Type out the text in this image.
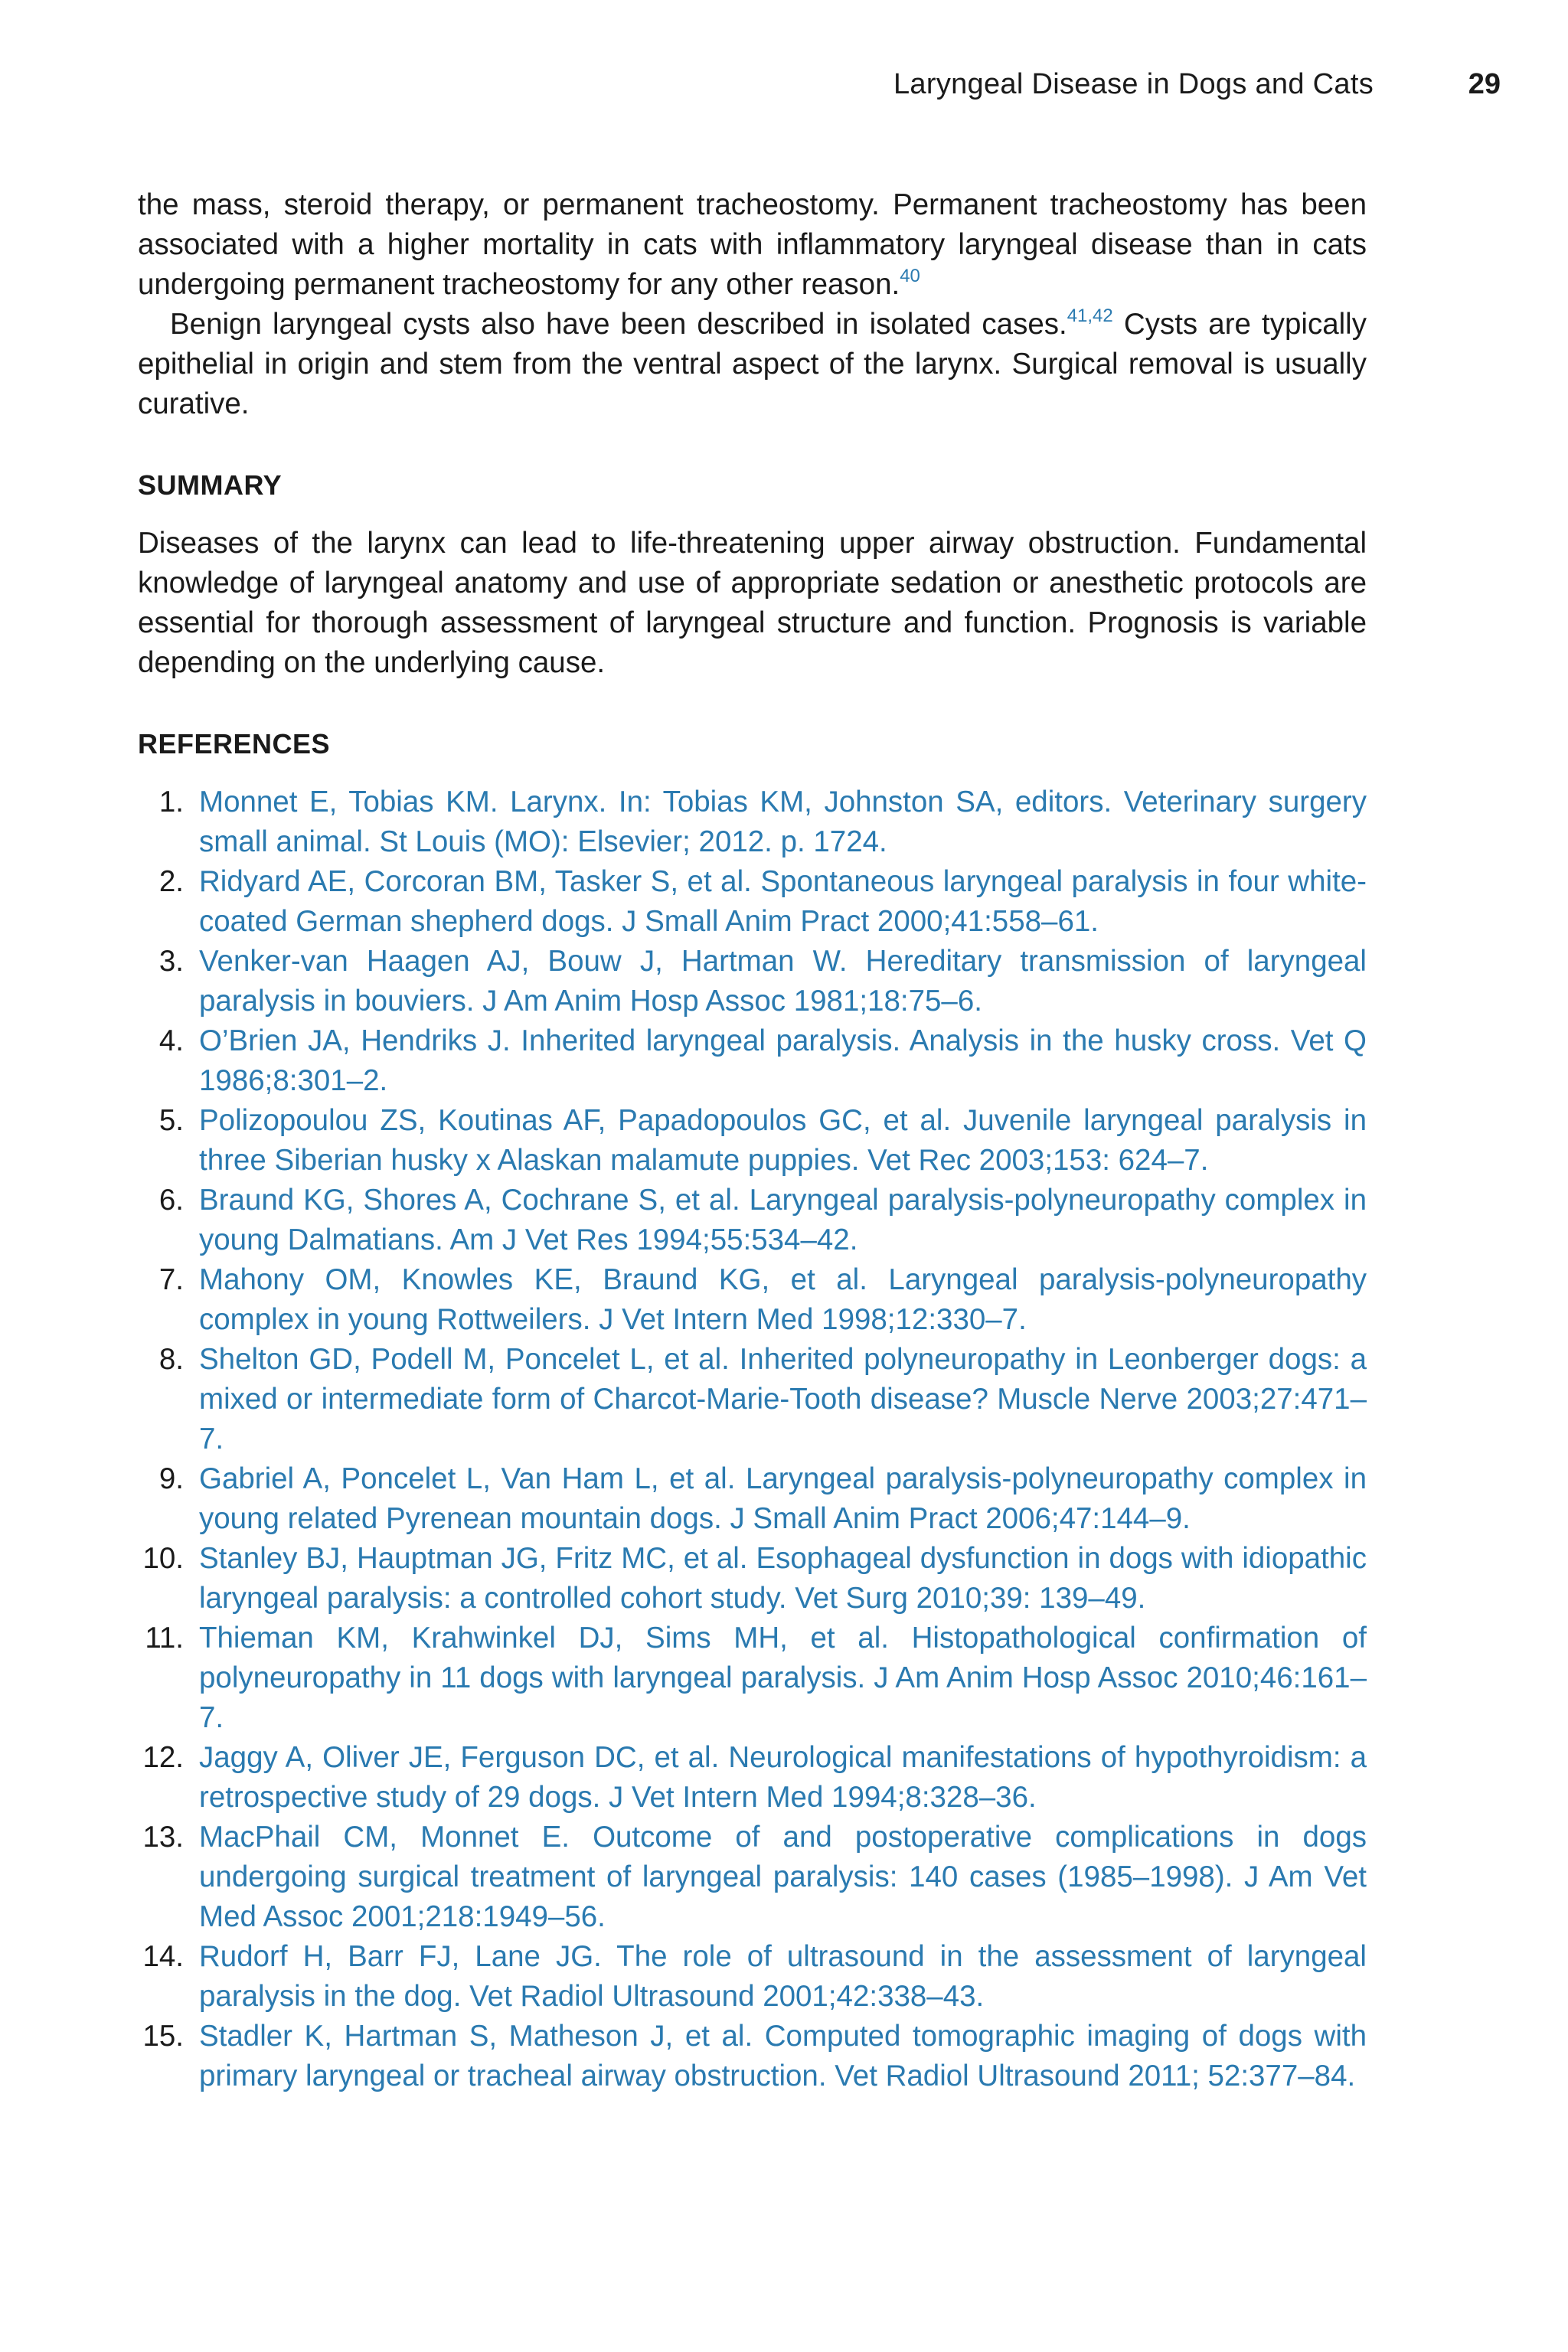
Laryngeal Disease in Dogs and Cats	29

the mass, steroid therapy, or permanent tracheostomy. Permanent tracheostomy has been associated with a higher mortality in cats with inflammatory laryngeal disease than in cats undergoing permanent tracheostomy for any other reason.$^{40}$

Benign laryngeal cysts also have been described in isolated cases.$^{41,42}$ Cysts are typically epithelial in origin and stem from the ventral aspect of the larynx. Surgical removal is usually curative.

SUMMARY

Diseases of the larynx can lead to life-threatening upper airway obstruction. Fundamental knowledge of laryngeal anatomy and use of appropriate sedation or anesthetic protocols are essential for thorough assessment of laryngeal structure and function. Prognosis is variable depending on the underlying cause.

REFERENCES
1. Monnet E, Tobias KM. Larynx. In: Tobias KM, Johnston SA, editors. Veterinary surgery small animal. St Louis (MO): Elsevier; 2012. p. 1724.
2. Ridyard AE, Corcoran BM, Tasker S, et al. Spontaneous laryngeal paralysis in four white-coated German shepherd dogs. J Small Anim Pract 2000;41:558–61.
3. Venker-van Haagen AJ, Bouw J, Hartman W. Hereditary transmission of laryngeal paralysis in bouviers. J Am Anim Hosp Assoc 1981;18:75–6.
4. O’Brien JA, Hendriks J. Inherited laryngeal paralysis. Analysis in the husky cross. Vet Q 1986;8:301–2.
5. Polizopoulou ZS, Koutinas AF, Papadopoulos GC, et al. Juvenile laryngeal paralysis in three Siberian husky x Alaskan malamute puppies. Vet Rec 2003;153: 624–7.
6. Braund KG, Shores A, Cochrane S, et al. Laryngeal paralysis-polyneuropathy complex in young Dalmatians. Am J Vet Res 1994;55:534–42.
7. Mahony OM, Knowles KE, Braund KG, et al. Laryngeal paralysis-polyneuropathy complex in young Rottweilers. J Vet Intern Med 1998;12:330–7.
8. Shelton GD, Podell M, Poncelet L, et al. Inherited polyneuropathy in Leonberger dogs: a mixed or intermediate form of Charcot-Marie-Tooth disease? Muscle Nerve 2003;27:471–7.
9. Gabriel A, Poncelet L, Van Ham L, et al. Laryngeal paralysis-polyneuropathy complex in young related Pyrenean mountain dogs. J Small Anim Pract 2006;47:144–9.
10. Stanley BJ, Hauptman JG, Fritz MC, et al. Esophageal dysfunction in dogs with idiopathic laryngeal paralysis: a controlled cohort study. Vet Surg 2010;39: 139–49.
11. Thieman KM, Krahwinkel DJ, Sims MH, et al. Histopathological confirmation of polyneuropathy in 11 dogs with laryngeal paralysis. J Am Anim Hosp Assoc 2010;46:161–7.
12. Jaggy A, Oliver JE, Ferguson DC, et al. Neurological manifestations of hypothyroidism: a retrospective study of 29 dogs. J Vet Intern Med 1994;8:328–36.
13. MacPhail CM, Monnet E. Outcome of and postoperative complications in dogs undergoing surgical treatment of laryngeal paralysis: 140 cases (1985–1998). J Am Vet Med Assoc 2001;218:1949–56.
14. Rudorf H, Barr FJ, Lane JG. The role of ultrasound in the assessment of laryngeal paralysis in the dog. Vet Radiol Ultrasound 2001;42:338–43.
15. Stadler K, Hartman S, Matheson J, et al. Computed tomographic imaging of dogs with primary laryngeal or tracheal airway obstruction. Vet Radiol Ultrasound 2011; 52:377–84.
